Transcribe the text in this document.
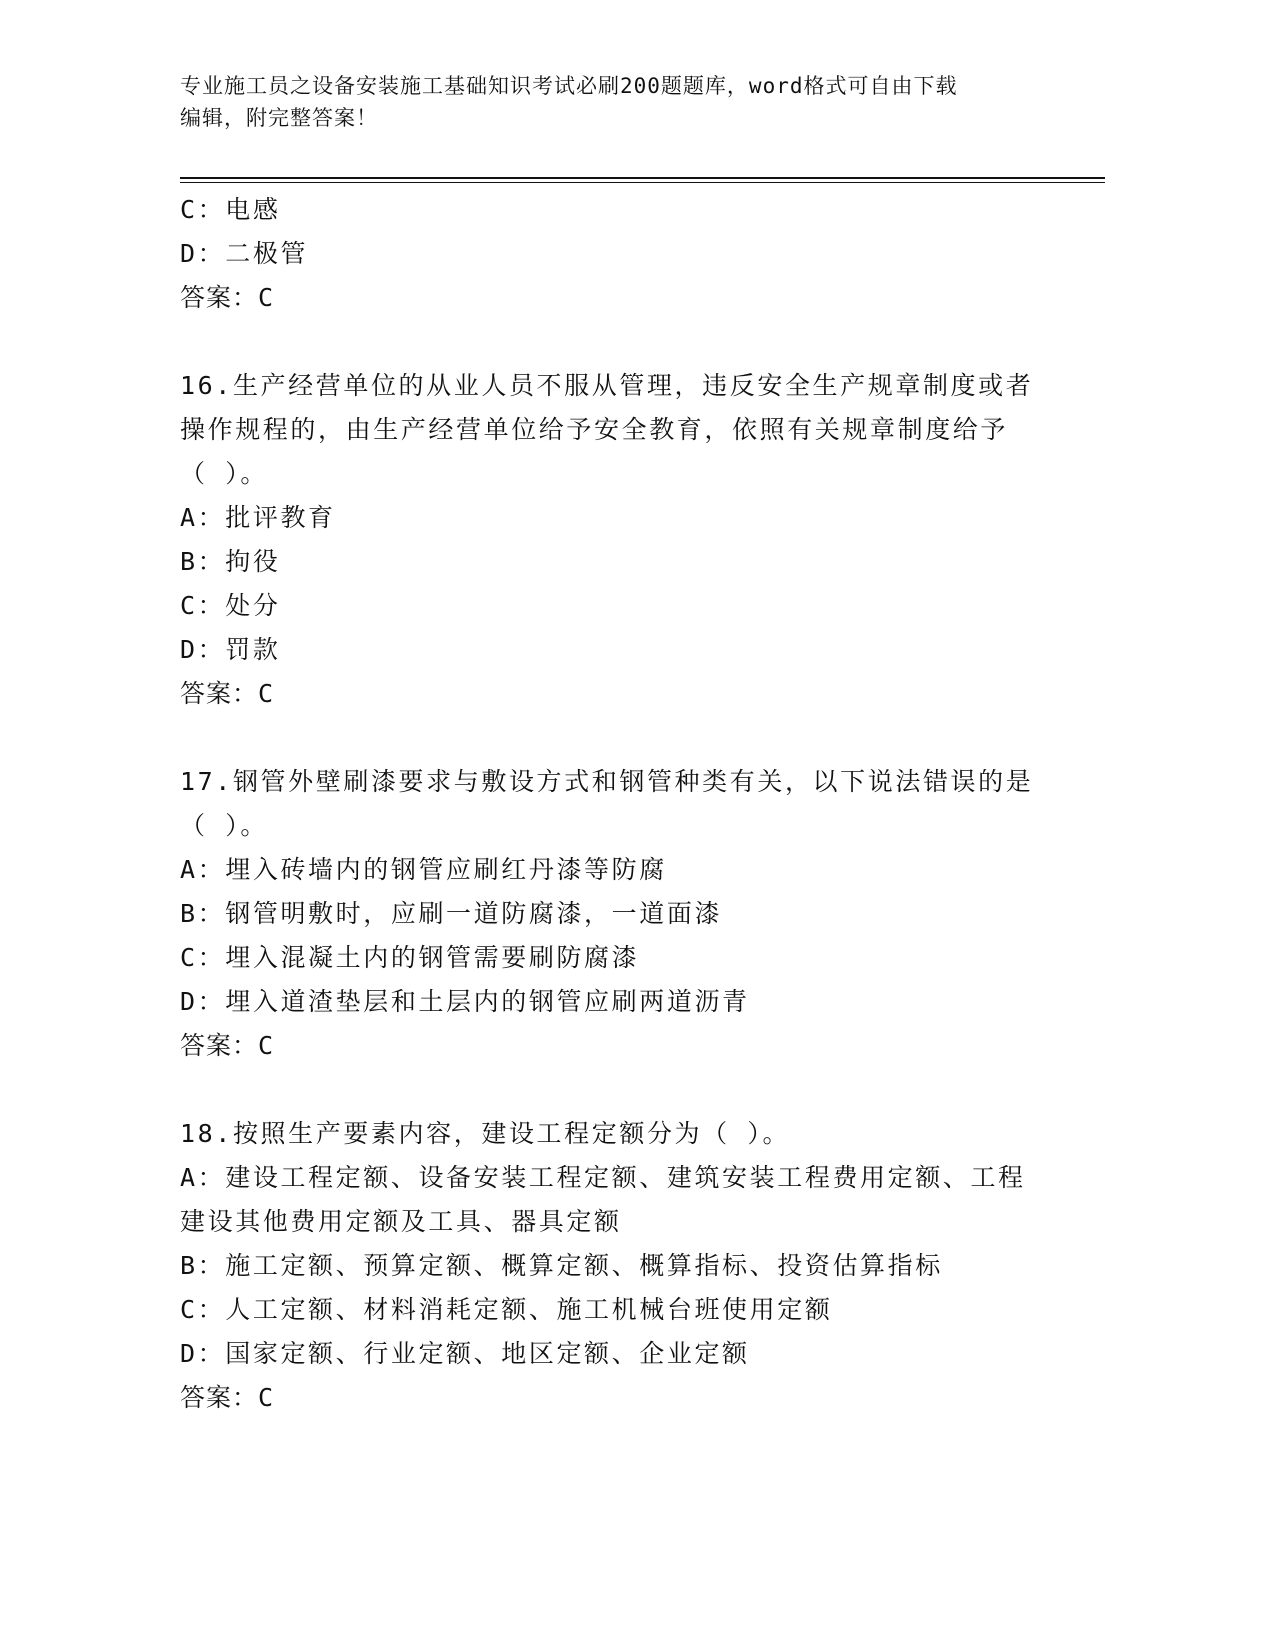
专业施工员之设备安装施工基础知识考试必刷200题题库，word格式可自由下载
编辑，附完整答案！
C：电感
D：二极管
答案：C
16.生产经营单位的从业人员不服从管理，违反安全生产规章制度或者
操作规程的，由生产经营单位给予安全教育，依照有关规章制度给予
（ ）。
A：批评教育
B：拘役
C：处分
D：罚款
答案：C
17.钢管外壁刷漆要求与敷设方式和钢管种类有关，以下说法错误的是
（ ）。
A：埋入砖墙内的钢管应刷红丹漆等防腐
B：钢管明敷时，应刷一道防腐漆，一道面漆
C：埋入混凝土内的钢管需要刷防腐漆
D：埋入道渣垫层和土层内的钢管应刷两道沥青
答案：C
18.按照生产要素内容，建设工程定额分为（ ）。
A：建设工程定额、设备安装工程定额、建筑安装工程费用定额、工程
建设其他费用定额及工具、器具定额
B：施工定额、预算定额、概算定额、概算指标、投资估算指标
C：人工定额、材料消耗定额、施工机械台班使用定额
D：国家定额、行业定额、地区定额、企业定额
答案：C
